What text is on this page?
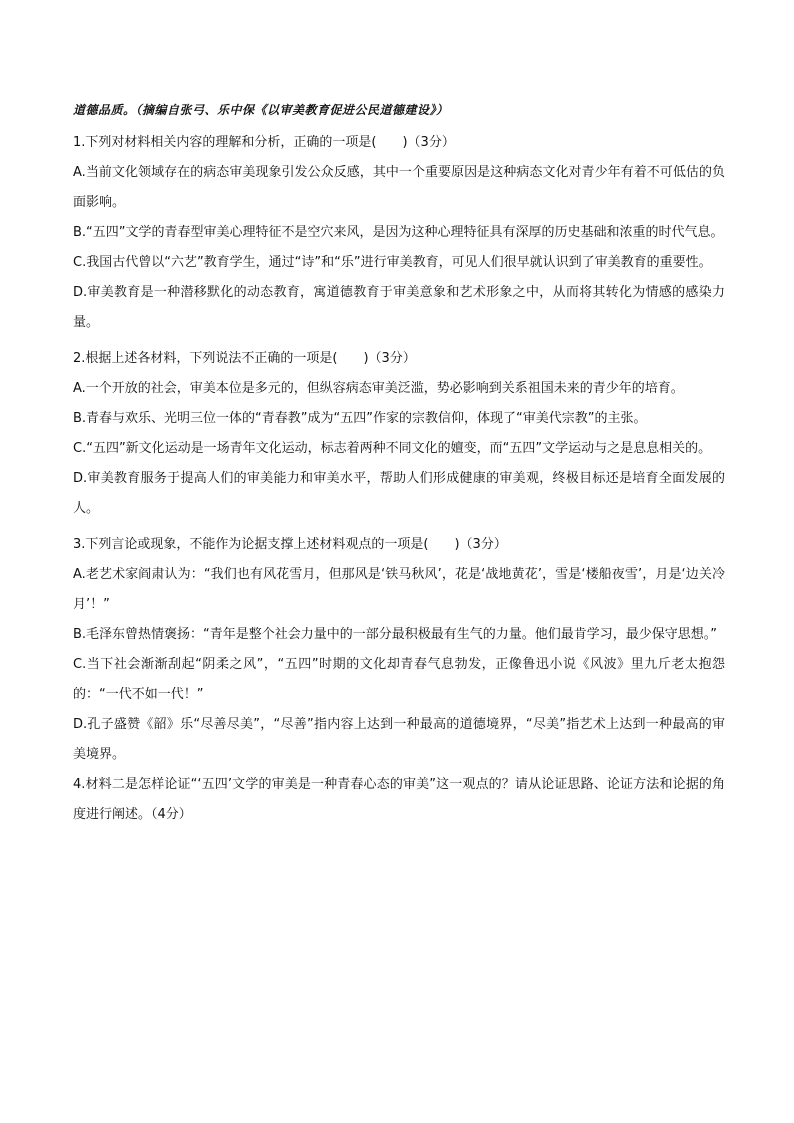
道德品质。（摘编自张弓、乐中保《以审美教育促进公民道德建设》）
1.下列对材料相关内容的理解和分析，正确的一项是(　　)（3分）
A.当前文化领域存在的病态审美现象引发公众反感，其中一个重要原因是这种病态文化对青少年有着不可低估的负面影响。
B.“五四”文学的青春型审美心理特征不是空穴来风，是因为这种心理特征具有深厚的历史基础和浓重的时代气息。
C.我国古代曾以“六艺”教育学生，通过“诗”和“乐”进行审美教育，可见人们很早就认识到了审美教育的重要性。
D.审美教育是一种潜移默化的动态教育，寓道德教育于审美意象和艺术形象之中，从而将其转化为情感的感染力量。
2.根据上述各材料，下列说法不正确的一项是(　　)（3分）
A.一个开放的社会，审美本位是多元的，但纵容病态审美泛滥，势必影响到关系祖国未来的青少年的培育。
B.青春与欢乐、光明三位一体的“青春教”成为“五四”作家的宗教信仰，体现了“审美代宗教”的主张。
C.“五四”新文化运动是一场青年文化运动，标志着两种不同文化的嬗变，而“五四”文学运动与之是息息相关的。
D.审美教育服务于提高人们的审美能力和审美水平，帮助人们形成健康的审美观，终极目标还是培育全面发展的人。
3.下列言论或现象，不能作为论据支撑上述材料观点的一项是(　　)（3分）
A.老艺术家阎肃认为：“我们也有风花雪月，但那风是‘铁马秋风’，花是‘战地黄花’，雪是‘楼船夜雪’，月是‘边关冷月’！”
B.毛泽东曾热情褒扬：“青年是整个社会力量中的一部分最积极最有生气的力量。他们最肯学习，最少保守思想。”
C.当下社会渐渐刮起“阴柔之风”，“五四”时期的文化却青春气息勃发，正像鲁迅小说《风波》里九斤老太抱怨的：“一代不如一代！”
D.孔子盛赞《韶》乐“尽善尽美”，“尽善”指内容上达到一种最高的道德境界，“尽美”指艺术上达到一种最高的审美境界。
4.材料二是怎样论证“‘五四’文学的审美是一种青春心态的审美”这一观点的？请从论证思路、论证方法和论据的角度进行阐述。（4分）
